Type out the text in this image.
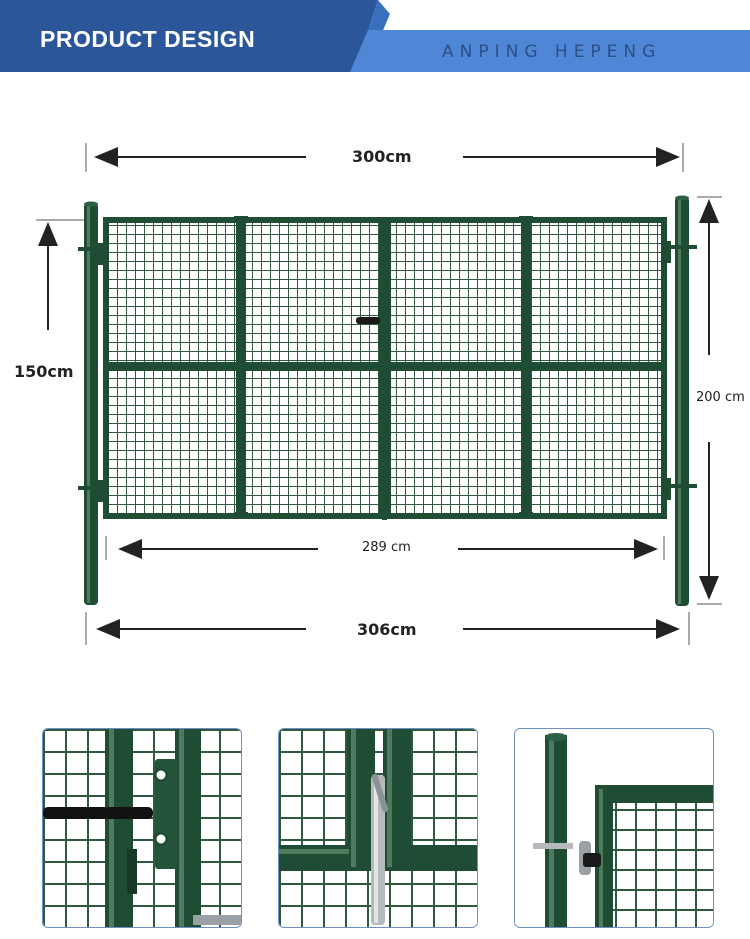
PRODUCT DESIGN	ANPING HEPENG
300cm
289 cm
306cm
150cm
200 cm
